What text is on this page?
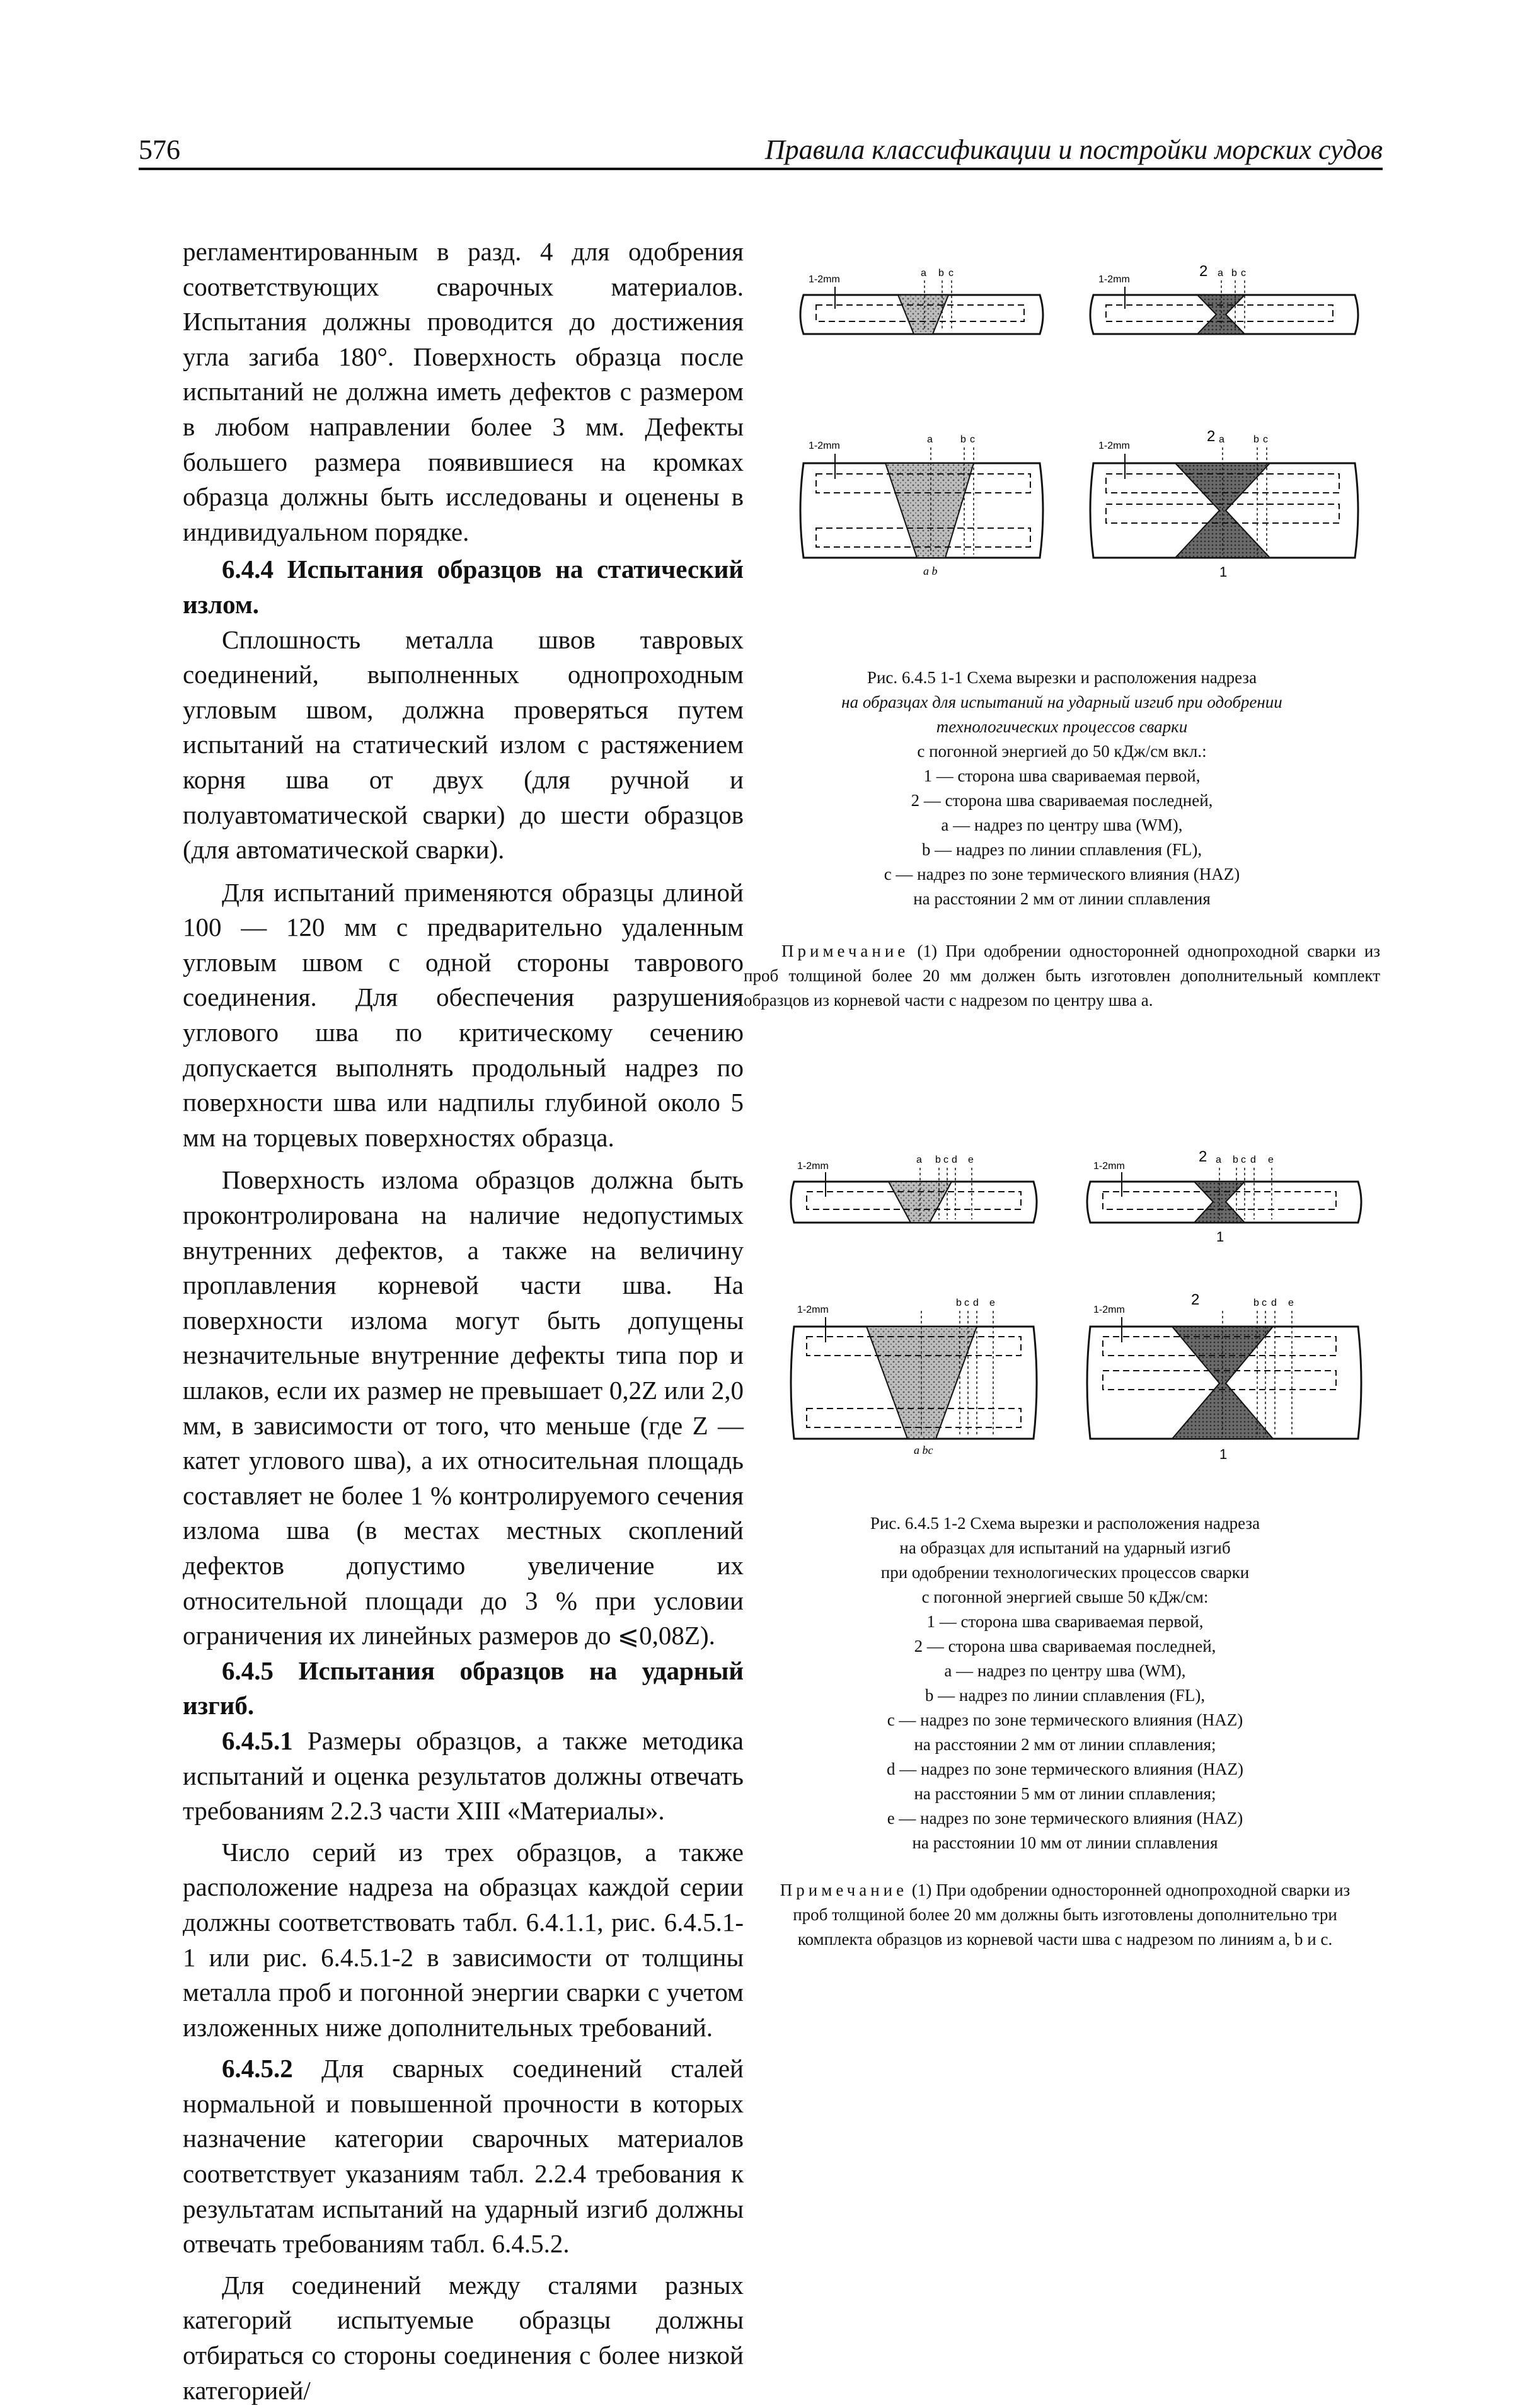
576	Правила классификации и постройки морских судов

регламентированным в разд. 4 для одобрения соответствующих сварочных материалов. Испытания должны проводится до достижения угла загиба 180°. Поверхность образца после испытаний не должна иметь дефектов с размером в любом направлении более 3 мм. Дефекты большего размера появившиеся на кромках образца должны быть исследованы и оценены в индивидуальном порядке.

6.4.4 Испытания образцов на статический излом.

Сплошность металла швов тавровых соединений, выполненных однопроходным угловым швом, должна проверяться путем испытаний на статический излом с растяжением корня шва от двух (для ручной и полуавтоматической сварки) до шести образцов (для автоматической сварки).

Для испытаний применяются образцы длиной 100 — 120 мм с предварительно удаленным угловым швом с одной стороны таврового соединения. Для обеспечения разрушения углового шва по критическому сечению допускается выполнять продольный надрез по поверхности шва или надпилы глубиной около 5 мм на торцевых поверхностях образца.

Поверхность излома образцов должна быть проконтролирована на наличие недопустимых внутренних дефектов, а также на величину проплавления корневой части шва. На поверхности излома могут быть допущены незначительные внутренние дефекты типа пор и шлаков, если их размер не превышает 0,2Z или 2,0 мм, в зависимости от того, что меньше (где Z — катет углового шва), а их относительная площадь составляет не более 1 % контролируемого сечения излома шва (в местах местных скоплений дефектов допустимо увеличение их относительной площади до 3 % при условии ограничения их линейных размеров до ⩽0,08Z).

6.4.5 Испытания образцов на ударный изгиб.

6.4.5.1 Размеры образцов, а также методика испытаний и оценка результатов должны отвечать требованиям 2.2.3 части XIII «Материалы».

Число серий из трех образцов, а также расположение надреза на образцах каждой серии должны соответствовать табл. 6.4.1.1, рис. 6.4.5.1-1 или рис. 6.4.5.1-2 в зависимости от толщины металла проб и погонной энергии сварки с учетом изложенных ниже дополнительных требований.

6.4.5.2 Для сварных соединений сталей нормальной и повышенной прочности в которых назначение категории сварочных материалов соответствует указаниям табл. 2.2.4 требования к результатам испытаний на ударный изгиб должны отвечать требованиям табл. 6.4.5.2.

Для соединений между сталями разных категорий испытуемые образцы должны отбираться со стороны соединения с более низкой категорией/

1-2mm
a b c
1-2mm	2 a b c
1-2mm
a	b c
a b
1-2mm
2 a	b c
1
Рис. 6.4.5 1-1 Схема вырезки и расположения надреза
на образцах для испытаний на ударный изгиб при одобрении
технологических процессов сварки
с погонной энергией до 50 кДж/см вкл.:
1 — сторона шва свариваемая первой,
2 — сторона шва свариваемая последней,
a — надрез по центру шва (WM),
b — надрез по линии сплавления (FL),
c — надрез по зоне термического влияния (HAZ)
на расстоянии 2 мм от линии сплавления
Примечание (1) При одобрении односторонней однопроходной сварки из проб толщиной более 20 мм должен быть изготовлен дополнительный комплект образцов из корневой части с надрезом по центру шва a.
1-2mm
a b c d e
1-2mm
2 a b c d e
1
1-2mm
b c d e
a bc
1-2mm
2	b c d e
1
Рис. 6.4.5 1-2 Схема вырезки и расположения надреза
на образцах для испытаний на ударный изгиб
при одобрении технологических процессов сварки
с погонной энергией свыше 50 кДж/см:
1 — сторона шва свариваемая первой,
2 — сторона шва свариваемая последней,
a — надрез по центру шва (WM),
b — надрез по линии сплавления (FL),
c — надрез по зоне термического влияния (HAZ)
на расстоянии 2 мм от линии сплавления;
d — надрез по зоне термического влияния (HAZ)
на расстоянии 5 мм от линии сплавления;
e — надрез по зоне термического влияния (HAZ)
на расстоянии 10 мм от линии сплавления
Примечание (1) При одобрении односторонней однопроходной сварки из проб толщиной более 20 мм должны быть изготовлены дополнительно три комплекта образцов из корневой части шва с надрезом по линиям a, b и c.
